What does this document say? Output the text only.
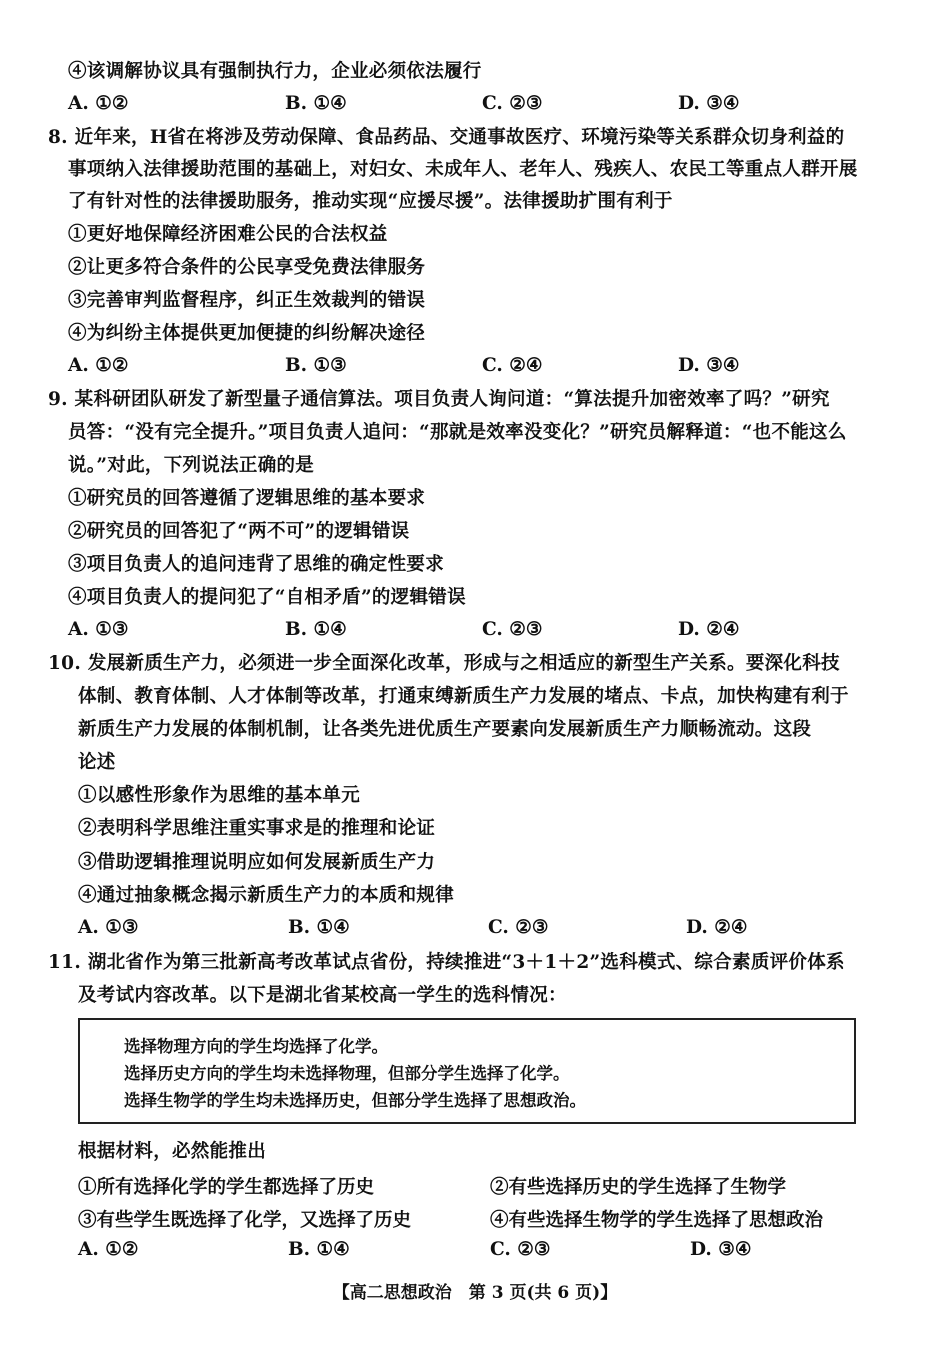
④该调解协议具有强制执行力，企业必须依法履行
A. ①②	B. ①④	C. ②③	D. ③④
8. 近年来，H省在将涉及劳动保障、食品药品、交通事故医疗、环境污染等关系群众切身利益的
事项纳入法律援助范围的基础上，对妇女、未成年人、老年人、残疾人、农民工等重点人群开展
了有针对性的法律援助服务，推动实现“应援尽援”。法律援助扩围有利于
①更好地保障经济困难公民的合法权益
②让更多符合条件的公民享受免费法律服务
③完善审判监督程序，纠正生效裁判的错误
④为纠纷主体提供更加便捷的纠纷解决途径
A. ①②	B. ①③	C. ②④	D. ③④
9. 某科研团队研发了新型量子通信算法。项目负责人询问道：“算法提升加密效率了吗？”研究
员答：“没有完全提升。”项目负责人追问：“那就是效率没变化？”研究员解释道：“也不能这么
说。”对此，下列说法正确的是
①研究员的回答遵循了逻辑思维的基本要求
②研究员的回答犯了“两不可”的逻辑错误
③项目负责人的追问违背了思维的确定性要求
④项目负责人的提问犯了“自相矛盾”的逻辑错误
A. ①③	B. ①④	C. ②③	D. ②④
10. 发展新质生产力，必须进一步全面深化改革，形成与之相适应的新型生产关系。要深化科技
体制、教育体制、人才体制等改革，打通束缚新质生产力发展的堵点、卡点，加快构建有利于
新质生产力发展的体制机制，让各类先进优质生产要素向发展新质生产力顺畅流动。这段
论述
①以感性形象作为思维的基本单元
②表明科学思维注重实事求是的推理和论证
③借助逻辑推理说明应如何发展新质生产力
④通过抽象概念揭示新质生产力的本质和规律
A. ①③	B. ①④	C. ②③	D. ②④
11. 湖北省作为第三批新高考改革试点省份，持续推进“3＋1＋2”选科模式、综合素质评价体系
及考试内容改革。以下是湖北省某校高一学生的选科情况：
选择物理方向的学生均选择了化学。
选择历史方向的学生均未选择物理，但部分学生选择了化学。
选择生物学的学生均未选择历史，但部分学生选择了思想政治。
根据材料，必然能推出
①所有选择化学的学生都选择了历史	②有些选择历史的学生选择了生物学
③有些学生既选择了化学，又选择了历史	④有些选择生物学的学生选择了思想政治
A. ①②	B. ①④	C. ②③	D. ③④
【高二思想政治　第 3 页(共 6 页)】
